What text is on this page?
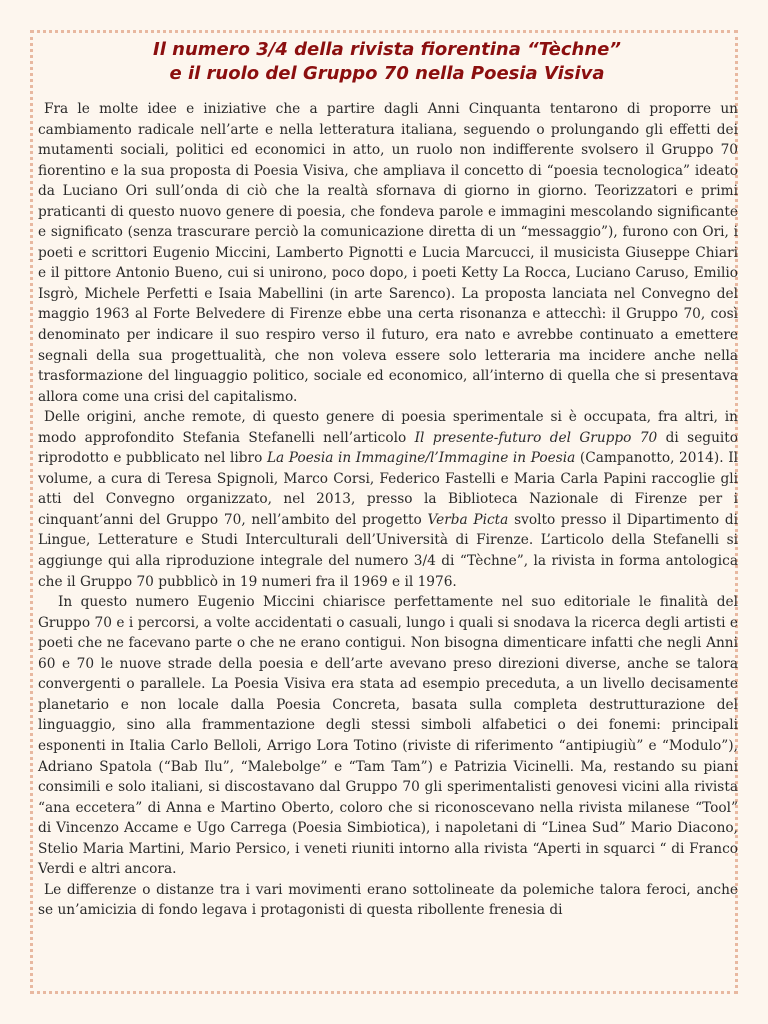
Il numero 3/4 della rivista fiorentina “Tèchne”
e il ruolo del Gruppo 70 nella Poesia Visiva

Fra le molte idee e iniziative che a partire dagli Anni Cinquanta tentarono di proporre un cambiamento radicale nell’arte e nella letteratura italiana, seguendo o prolungando gli effetti dei mutamenti sociali, politici ed economici in atto, un ruolo non indifferente svolsero il Gruppo 70 fiorentino e la sua proposta di Poesia Visiva, che ampliava il concetto di “poesia tecnologica” ideato da Luciano Ori sull’onda di ciò che la realtà sfornava di giorno in giorno. Teorizzatori e primi praticanti di questo nuovo genere di poesia, che fondeva parole e immagini mescolando significante e significato (senza trascurare perciò la comunicazione diretta di un “messaggio”), furono con Ori, i poeti e scrittori Eugenio Miccini, Lamberto Pignotti e Lucia Marcucci, il musicista Giuseppe Chiari e il pittore Antonio Bueno, cui si unirono, poco dopo, i poeti Ketty La Rocca, Luciano Caruso, Emilio Isgrò, Michele Perfetti e Isaia Mabellini (in arte Sarenco). La proposta lanciata nel Convegno del maggio 1963 al Forte Belvedere di Firenze ebbe una certa risonanza e attecchì: il Gruppo 70, così denominato per indicare il suo respiro verso il futuro, era nato e avrebbe continuato a emettere segnali della sua progettualità, che non voleva essere solo letteraria ma incidere anche nella trasformazione del linguaggio politico, sociale ed economico, all’interno di quella che si presentava allora come una crisi del capitalismo.

Delle origini, anche remote, di questo genere di poesia sperimentale si è occupata, fra altri, in modo approfondito Stefania Stefanelli nell’articolo Il presente-futuro del Gruppo 70 di seguito riprodotto e pubblicato nel libro La Poesia in Immagine/l’Immagine in Poesia (Campanotto, 2014). Il volume, a cura di Teresa Spignoli, Marco Corsi, Federico Fastelli e Maria Carla Papini raccoglie gli atti del Convegno organizzato, nel 2013, presso la Biblioteca Nazionale di Firenze per i cinquant’anni del Gruppo 70, nell’ambito del progetto Verba Picta svolto presso il Dipartimento di Lingue, Letterature e Studi Interculturali dell’Università di Firenze. L’articolo della Stefanelli si aggiunge qui alla riproduzione integrale del numero 3/4 di “Tèchne”, la rivista in forma antologica che il Gruppo 70 pubblicò in 19 numeri fra il 1969 e il 1976.

In questo numero Eugenio Miccini chiarisce perfettamente nel suo editoriale le finalità del Gruppo 70 e i percorsi, a volte accidentati o casuali, lungo i quali si snodava la ricerca degli artisti e poeti che ne facevano parte o che ne erano contigui. Non bisogna dimenticare infatti che negli Anni 60 e 70 le nuove strade della poesia e dell’arte avevano preso direzioni diverse, anche se talora convergenti o parallele. La Poesia Visiva era stata ad esempio preceduta, a un livello decisamente planetario e non locale dalla Poesia Concreta, basata sulla completa destrutturazione del linguaggio, sino alla frammentazione degli stessi simboli alfabetici o dei fonemi: principali esponenti in Italia Carlo Belloli, Arrigo Lora Totino (riviste di riferimento “antipiugiù” e “Modulo”), Adriano Spatola (“Bab Ilu”, “Malebolge” e “Tam Tam”) e Patrizia Vicinelli. Ma, restando su piani consimili e solo italiani, si discostavano dal Gruppo 70 gli sperimentalisti genovesi vicini alla rivista “ana eccetera” di Anna e Martino Oberto, coloro che si riconoscevano nella rivista milanese “Tool” di Vincenzo Accame e Ugo Carrega (Poesia Simbiotica), i napoletani di “Linea Sud” Mario Diacono, Stelio Maria Martini, Mario Persico, i veneti riuniti intorno alla rivista “Aperti in squarci “ di Franco Verdi e altri ancora.

Le differenze o distanze tra i vari movimenti erano sottolineate da polemiche talora feroci, anche se un’amicizia di fondo legava i protagonisti di questa ribollente frenesia di
